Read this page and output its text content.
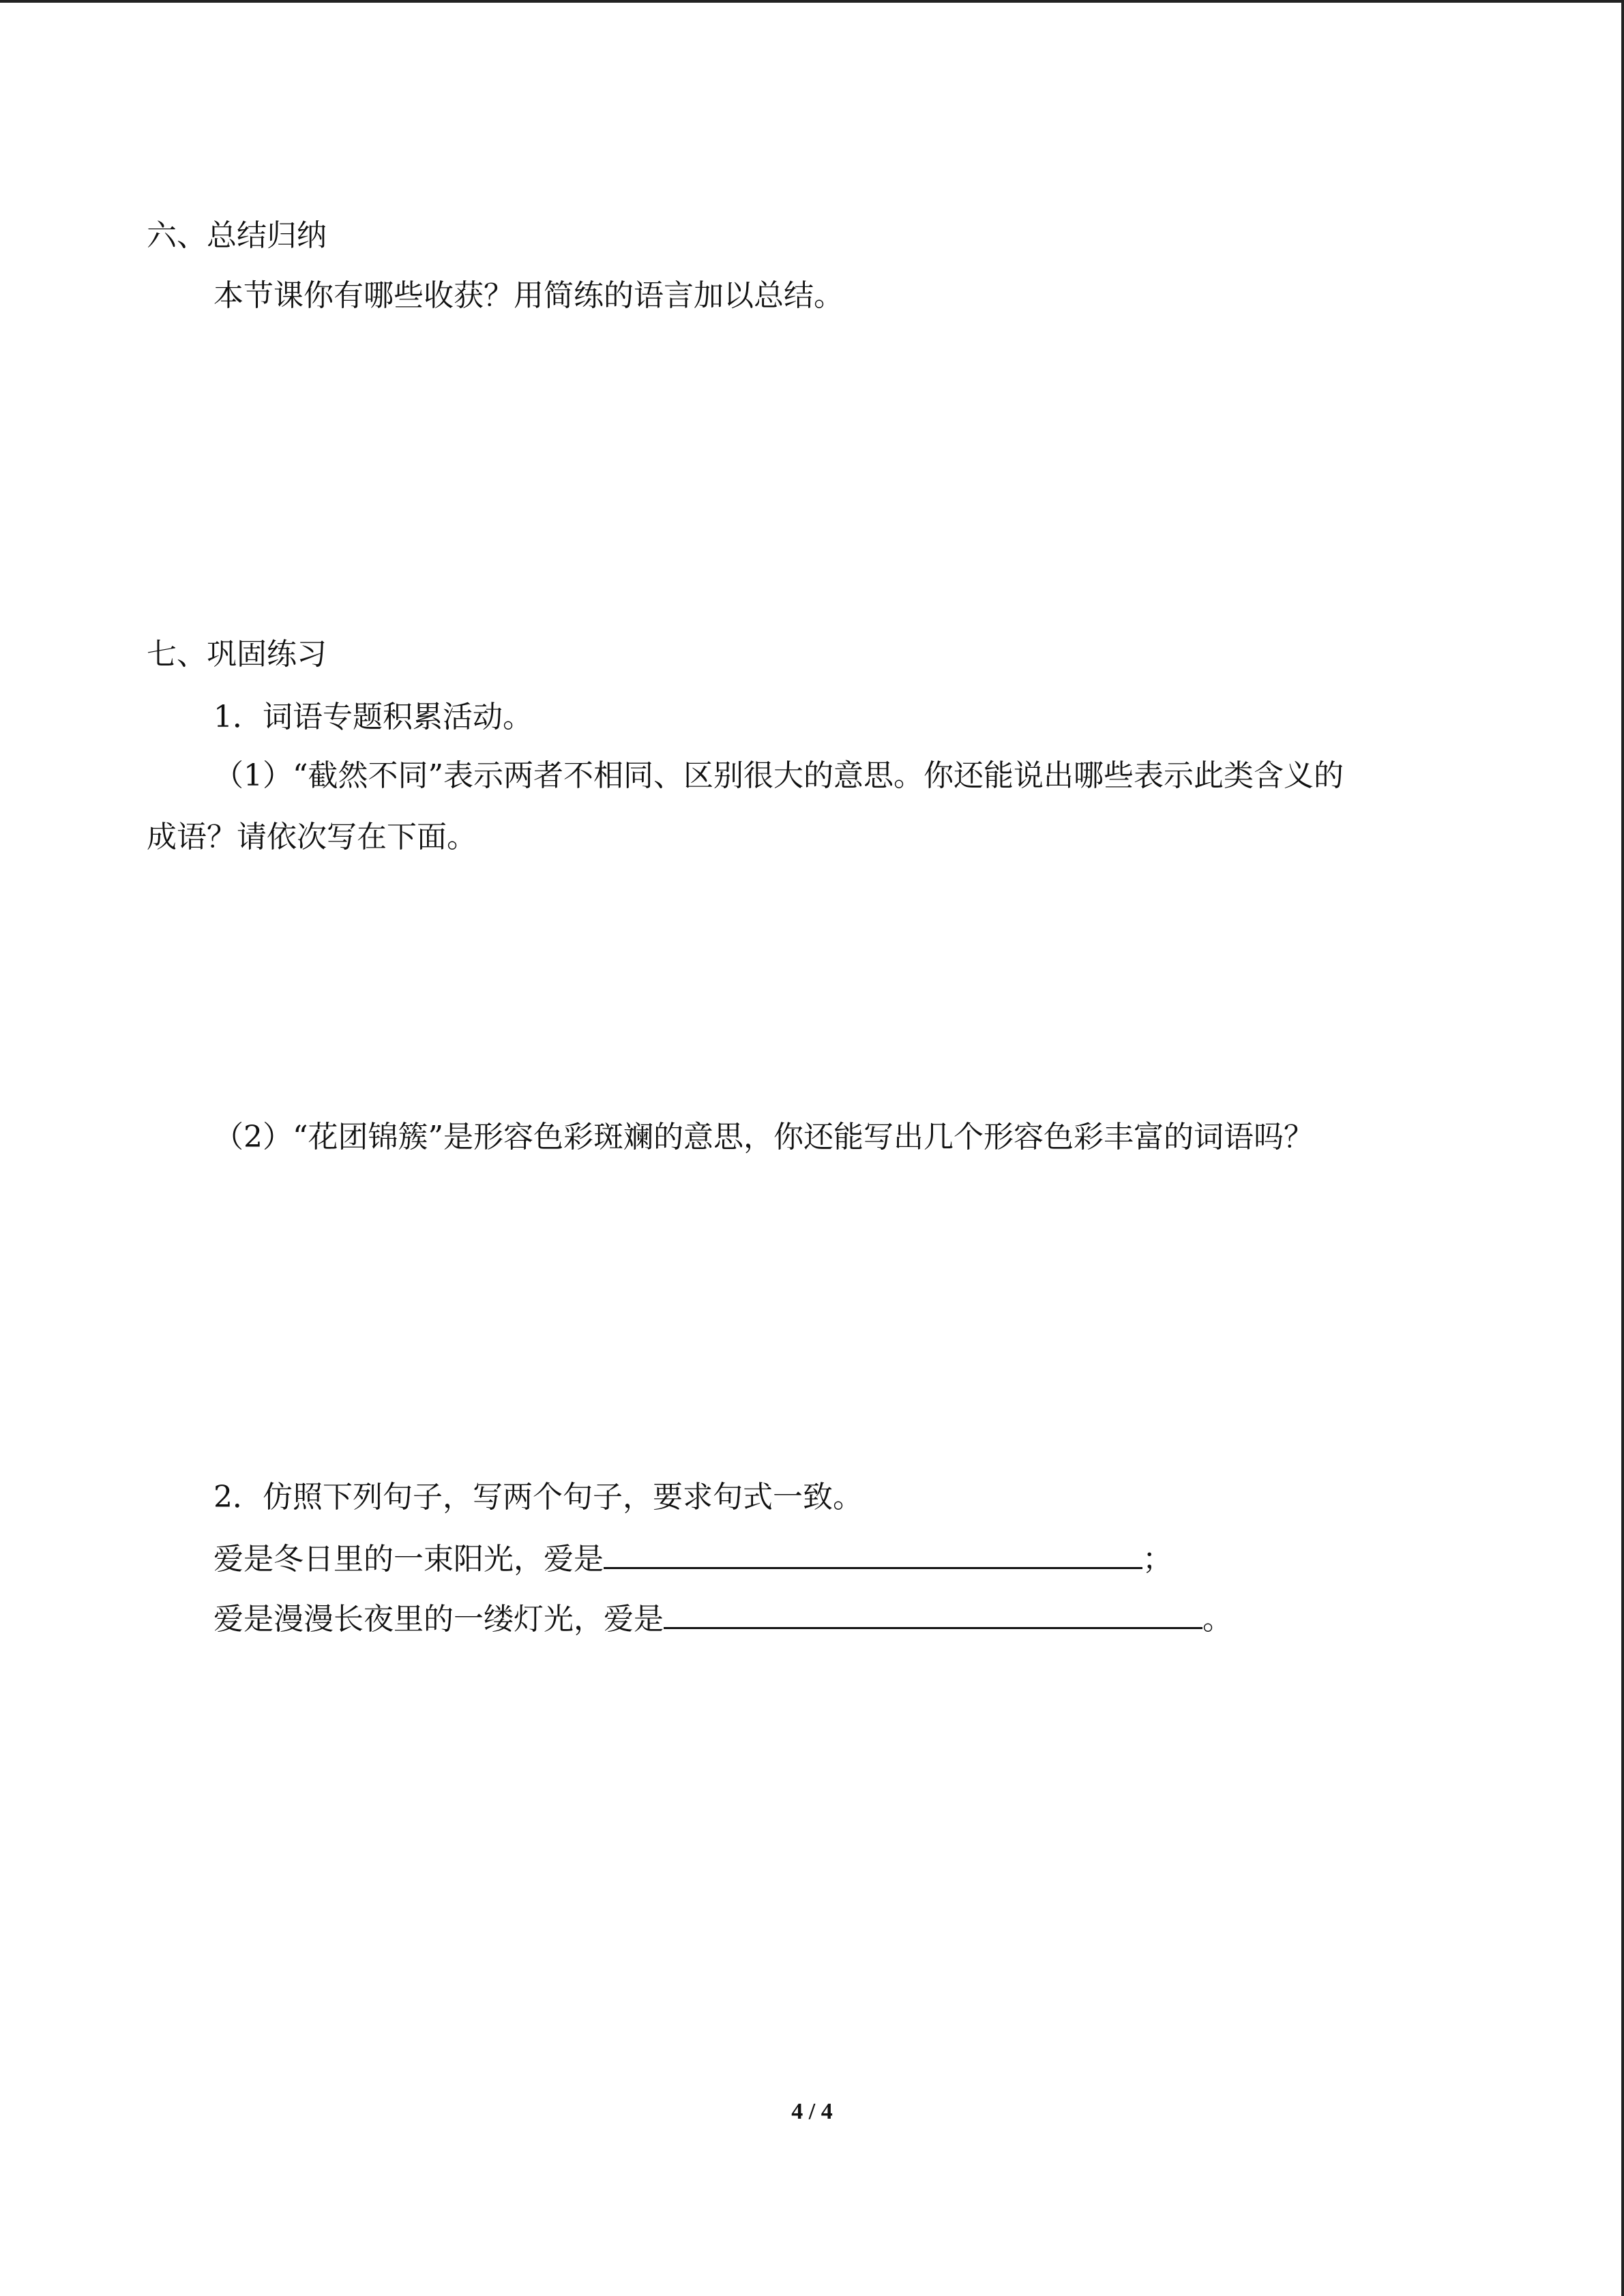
六、总结归纳
本节课你有哪些收获？用简练的语言加以总结。
七、巩固练习
1．词语专题积累活动。
（1）“截然不同”表示两者不相同、区别很大的意思。你还能说出哪些表示此类含义的
成语？请依次写在下面。
（2）“花团锦簇”是形容色彩斑斓的意思，你还能写出几个形容色彩丰富的词语吗？
2．仿照下列句子，写两个句子，要求句式一致。
爱是冬日里的一束阳光，爱是	；
爱是漫漫长夜里的一缕灯光，爱是	。
4 / 4
